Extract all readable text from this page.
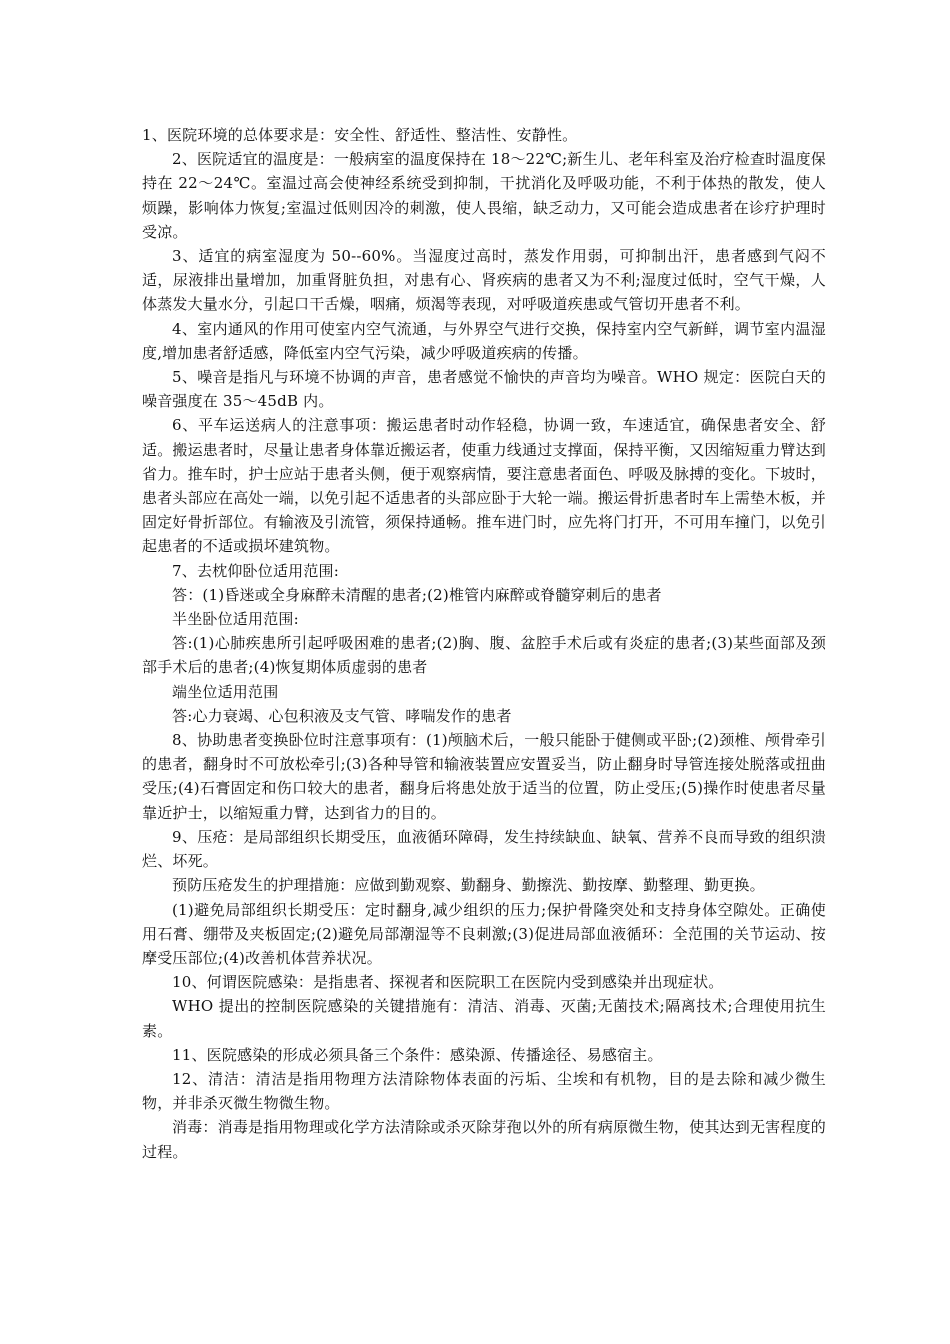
1、医院环境的总体要求是：安全性、舒适性、整洁性、安静性。

2、医院适宜的温度是：一般病室的温度保持在 18～22℃;新生儿、老年科室及治疗检查时温度保持在 22～24℃。室温过高会使神经系统受到抑制，干扰消化及呼吸功能，不利于体热的散发，使人烦躁，影响体力恢复;室温过低则因冷的刺激，使人畏缩，缺乏动力，又可能会造成患者在诊疗护理时受凉。

3、适宜的病室湿度为 50--60%。当湿度过高时，蒸发作用弱，可抑制出汗，患者感到气闷不适，尿液排出量增加，加重肾脏负担，对患有心、肾疾病的患者又为不利;湿度过低时，空气干燥，人体蒸发大量水分，引起口干舌燥，咽痛，烦渴等表现，对呼吸道疾患或气管切开患者不利。

4、室内通风的作用可使室内空气流通，与外界空气进行交换，保持室内空气新鲜，调节室内温湿度,增加患者舒适感，降低室内空气污染，减少呼吸道疾病的传播。

5、噪音是指凡与环境不协调的声音，患者感觉不愉快的声音均为噪音。WHO 规定：医院白天的噪音强度在 35～45dB 内。

6、平车运送病人的注意事项：搬运患者时动作轻稳，协调一致，车速适宜，确保患者安全、舒适。搬运患者时，尽量让患者身体靠近搬运者，使重力线通过支撑面，保持平衡，又因缩短重力臂达到省力。推车时，护士应站于患者头侧，便于观察病情，要注意患者面色、呼吸及脉搏的变化。下坡时，患者头部应在高处一端，以免引起不适患者的头部应卧于大轮一端。搬运骨折患者时车上需垫木板，并固定好骨折部位。有输液及引流管，须保持通畅。推车进门时，应先将门打开，不可用车撞门，以免引起患者的不适或损坏建筑物。

7、去枕仰卧位适用范围:

答：(1)昏迷或全身麻醉未清醒的患者;(2)椎管内麻醉或脊髓穿刺后的患者

半坐卧位适用范围:

答:(1)心肺疾患所引起呼吸困难的患者;(2)胸、腹、盆腔手术后或有炎症的患者;(3)某些面部及颈部手术后的患者;(4)恢复期体质虚弱的患者

端坐位适用范围

答:心力衰竭、心包积液及支气管、哮喘发作的患者

8、协助患者变换卧位时注意事项有：(1)颅脑术后，一般只能卧于健侧或平卧;(2)颈椎、颅骨牵引的患者，翻身时不可放松牵引;(3)各种导管和输液装置应安置妥当，防止翻身时导管连接处脱落或扭曲受压;(4)石膏固定和伤口较大的患者，翻身后将患处放于适当的位置，防止受压;(5)操作时使患者尽量靠近护士，以缩短重力臂，达到省力的目的。

9、压疮：是局部组织长期受压，血液循环障碍，发生持续缺血、缺氧、营养不良而导致的组织溃烂、坏死。

预防压疮发生的护理措施：应做到勤观察、勤翻身、勤擦洗、勤按摩、勤整理、勤更换。

(1)避免局部组织长期受压：定时翻身,减少组织的压力;保护骨隆突处和支持身体空隙处。正确使用石膏、绷带及夹板固定;(2)避免局部潮湿等不良刺激;(3)促进局部血液循环：全范围的关节运动、按摩受压部位;(4)改善机体营养状况。

10、何谓医院感染：是指患者、探视者和医院职工在医院内受到感染并出现症状。

WHO 提出的控制医院感染的关键措施有：清洁、消毒、灭菌;无菌技术;隔离技术;合理使用抗生素。

11、医院感染的形成必须具备三个条件：感染源、传播途径、易感宿主。

12、清洁：清洁是指用物理方法清除物体表面的污垢、尘埃和有机物，目的是去除和减少微生物，并非杀灭微生物微生物。

消毒：消毒是指用物理或化学方法清除或杀灭除芽孢以外的所有病原微生物，使其达到无害程度的过程。
